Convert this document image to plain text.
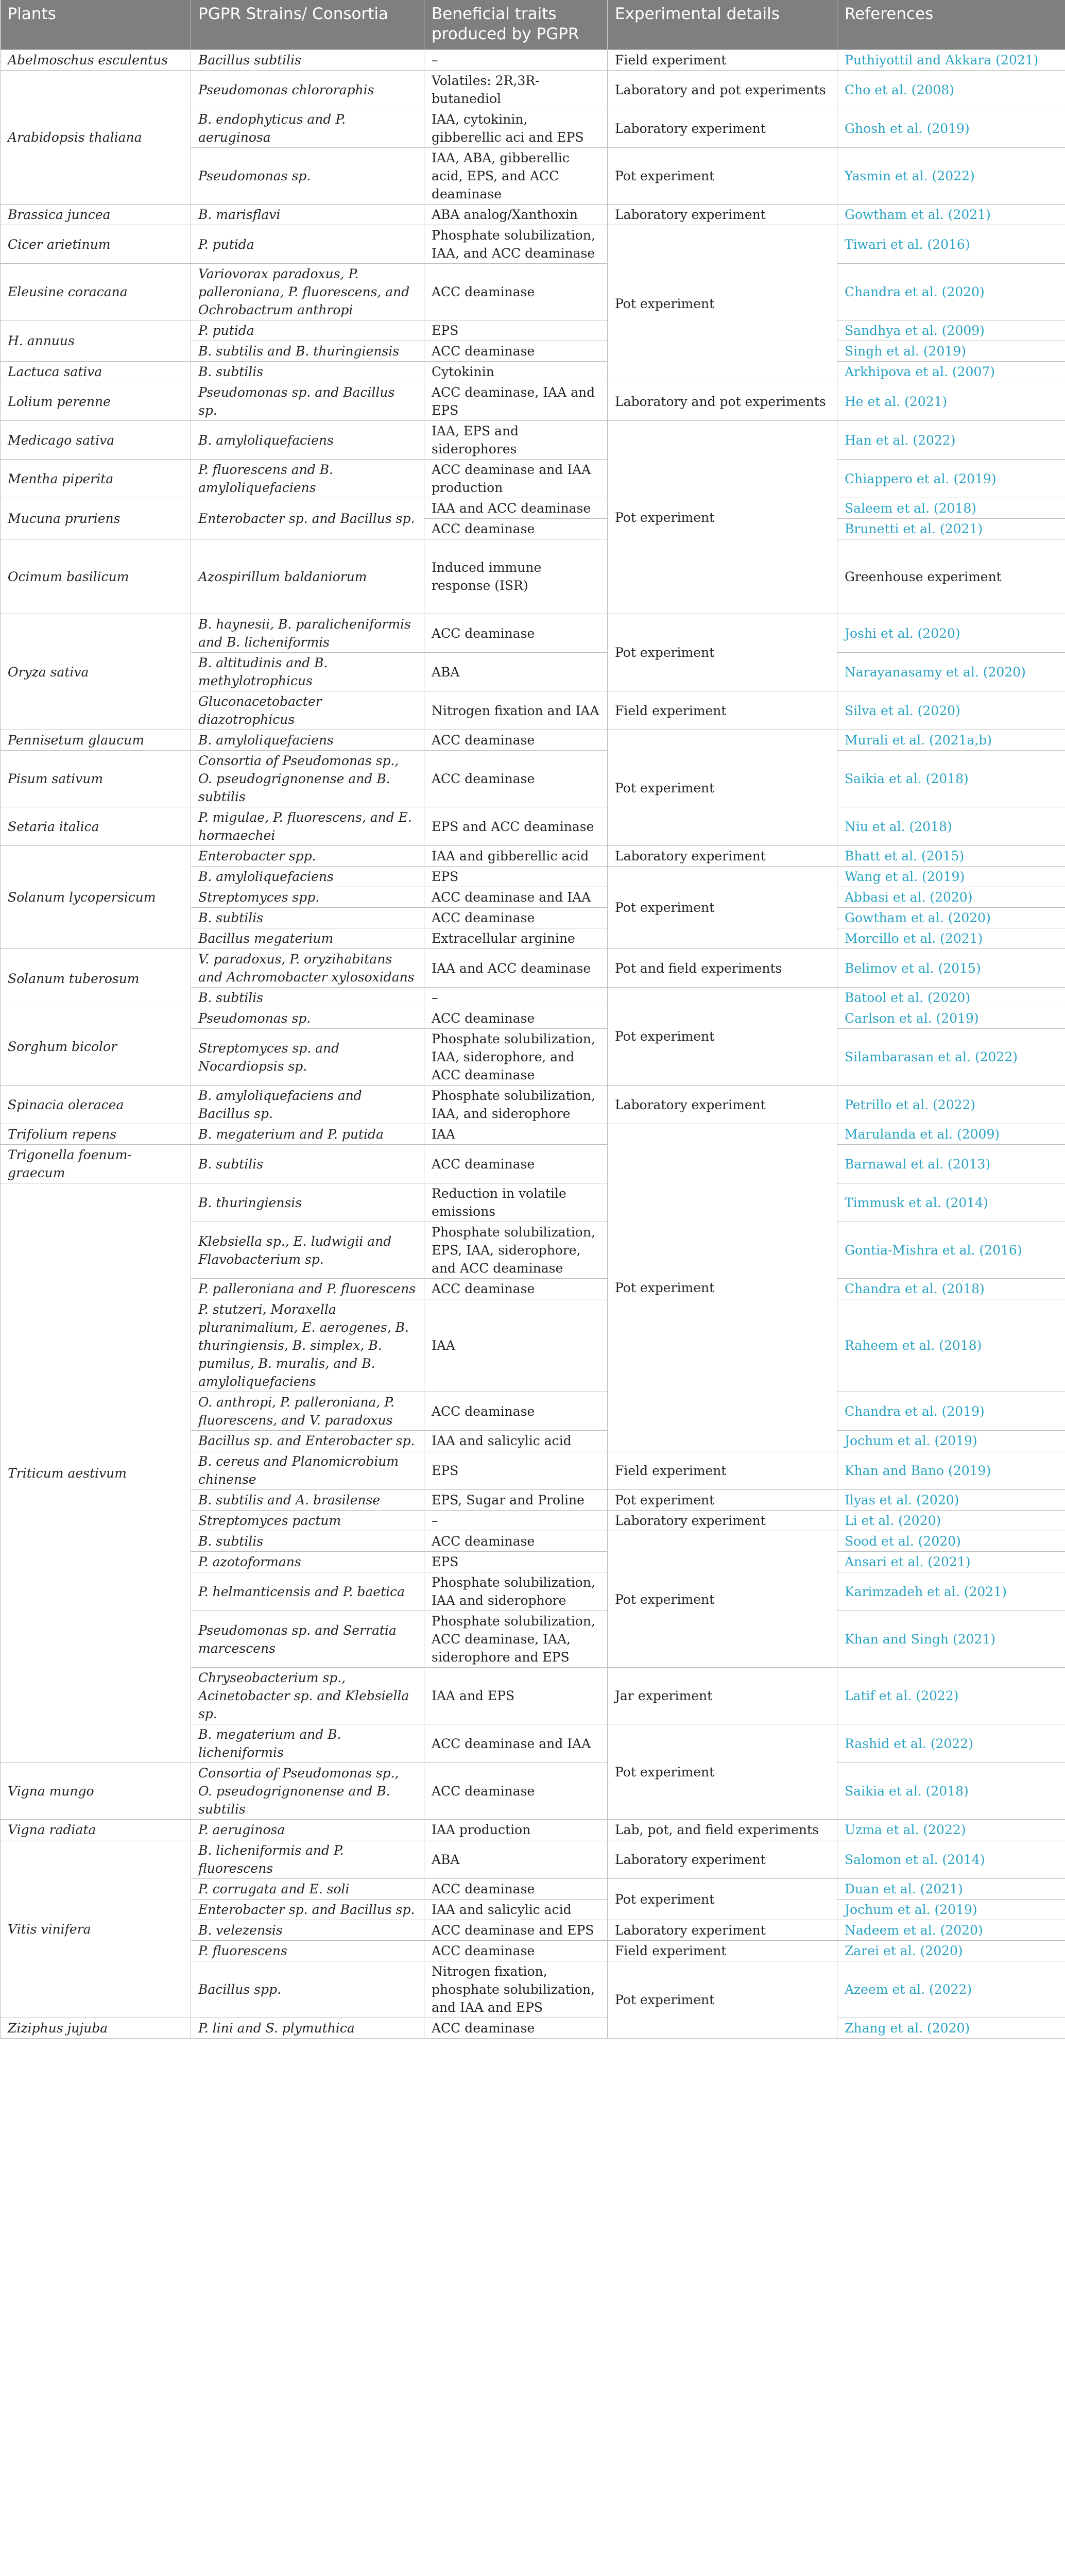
Plants	PGPR Strains/ Consortia	Beneficial traits produced by PGPR	Experimental details	References	
Abelmoschus esculentus	Bacillus subtilis	–	Field experiment	Puthiyottil and Akkara (2021)	
Arabidopsis thaliana	Pseudomonas chlororaphis	Volatiles: 2R,3R-butanediol	Laboratory and pot experiments	Cho et al. (2008)	
	B. endophyticus and P. aeruginosa	IAA, cytokinin, gibberellic aci and EPS	Laboratory experiment	Ghosh et al. (2019)	
	Pseudomonas sp.	IAA, ABA, gibberellic acid, EPS, and ACC deaminase	Pot experiment	Yasmin et al. (2022)	
Brassica juncea	B. marisflavi	ABA analog/Xanthoxin	Laboratory experiment	Gowtham et al. (2021)	
Cicer arietinum	P. putida	Phosphate solubilization, IAA, and ACC deaminase	Pot experiment	Tiwari et al. (2016)	
Eleusine coracana	Variovorax paradoxus, P. palleroniana, P. fluorescens, and Ochrobactrum anthropi	ACC deaminase		Chandra et al. (2020)	
H. annuus	P. putida	EPS		Sandhya et al. (2009)	
	B. subtilis and B. thuringiensis	ACC deaminase		Singh et al. (2019)	
Lactuca sativa	B. subtilis	Cytokinin		Arkhipova et al. (2007)	
Lolium perenne	Pseudomonas sp. and Bacillus sp.	ACC deaminase, IAA and EPS	Laboratory and pot experiments	He et al. (2021)	
Medicago sativa	B. amyloliquefaciens	IAA, EPS and siderophores	Pot experiment	Han et al. (2022)	
Mentha piperita	P. fluorescens and B. amyloliquefaciens	ACC deaminase and IAA production		Chiappero et al. (2019)	
Mucuna pruriens	Enterobacter sp. and Bacillus sp.	IAA and ACC deaminase		Saleem et al. (2018)	
		ACC deaminase		Brunetti et al. (2021)	
Ocimum basilicum	Azospirillum baldaniorum	Induced immune response (ISR)		Greenhouse experiment	
Oryza sativa	B. haynesii, B. paralicheniformis and B. licheniformis	ACC deaminase	Pot experiment	Joshi et al. (2020)	
	B. altitudinis and B. methylotrophicus	ABA		Narayanasamy et al. (2020)	
	Gluconacetobacter diazotrophicus	Nitrogen fixation and IAA	Field experiment	Silva et al. (2020)	
Pennisetum glaucum	B. amyloliquefaciens	ACC deaminase	Pot experiment	Murali et al. (2021a,b)	
Pisum sativum	Consortia of Pseudomonas sp., O. pseudogrignonense and B. subtilis	ACC deaminase		Saikia et al. (2018)	
Setaria italica	P. migulae, P. fluorescens, and E. hormaechei	EPS and ACC deaminase		Niu et al. (2018)	
Solanum lycopersicum	Enterobacter spp.	IAA and gibberellic acid	Laboratory experiment	Bhatt et al. (2015)	
	B. amyloliquefaciens	EPS	Pot experiment	Wang et al. (2019)	
	Streptomyces spp.	ACC deaminase and IAA		Abbasi et al. (2020)	
	B. subtilis	ACC deaminase		Gowtham et al. (2020)	
	Bacillus megaterium	Extracellular arginine		Morcillo et al. (2021)	
Solanum tuberosum	V. paradoxus, P. oryzihabitans and Achromobacter xylosoxidans	IAA and ACC deaminase	Pot and field experiments	Belimov et al. (2015)	
	B. subtilis	–	Pot experiment	Batool et al. (2020)	
Sorghum bicolor	Pseudomonas sp.	ACC deaminase		Carlson et al. (2019)	
	Streptomyces sp. and Nocardiopsis sp.	Phosphate solubilization, IAA, siderophore, and ACC deaminase		Silambarasan et al. (2022)	
Spinacia oleracea	B. amyloliquefaciens and Bacillus sp.	Phosphate solubilization, IAA, and siderophore	Laboratory experiment	Petrillo et al. (2022)	
Trifolium repens	B. megaterium and P. putida	IAA	Pot experiment	Marulanda et al. (2009)	
Trigonella foenum-graecum	B. subtilis	ACC deaminase		Barnawal et al. (2013)	
Triticum aestivum	B. thuringiensis	Reduction in volatile emissions		Timmusk et al. (2014)	
	Klebsiella sp., E. ludwigii and Flavobacterium sp.	Phosphate solubilization, EPS, IAA, siderophore, and ACC deaminase		Gontia-Mishra et al. (2016)	
	P. palleroniana and P. fluorescens	ACC deaminase		Chandra et al. (2018)	
	P. stutzeri, Moraxella pluranimalium, E. aerogenes, B. thuringiensis, B. simplex, B. pumilus, B. muralis, and B. amyloliquefaciens	IAA		Raheem et al. (2018)	
	O. anthropi, P. palleroniana, P. fluorescens, and V. paradoxus	ACC deaminase		Chandra et al. (2019)	
	Bacillus sp. and Enterobacter sp.	IAA and salicylic acid		Jochum et al. (2019)	
	B. cereus and Planomicrobium chinense	EPS	Field experiment	Khan and Bano (2019)	
	B. subtilis and A. brasilense	EPS, Sugar and Proline	Pot experiment	Ilyas et al. (2020)	
	Streptomyces pactum	–	Laboratory experiment	Li et al. (2020)	
	B. subtilis	ACC deaminase	Pot experiment	Sood et al. (2020)	
	P. azotoformans	EPS		Ansari et al. (2021)	
	P. helmanticensis and P. baetica	Phosphate solubilization, IAA and siderophore		Karimzadeh et al. (2021)	
	Pseudomonas sp. and Serratia marcescens	Phosphate solubilization, ACC deaminase, IAA, siderophore and EPS		Khan and Singh (2021)	
	Chryseobacterium sp., Acinetobacter sp. and Klebsiella sp.	IAA and EPS	Jar experiment	Latif et al. (2022)	
	B. megaterium and B. licheniformis	ACC deaminase and IAA	Pot experiment	Rashid et al. (2022)	
Vigna mungo	Consortia of Pseudomonas sp., O. pseudogrignonense and B. subtilis	ACC deaminase		Saikia et al. (2018)	
Vigna radiata	P. aeruginosa	IAA production	Lab, pot, and field experiments	Uzma et al. (2022)	
Vitis vinifera	B. licheniformis and P. fluorescens	ABA	Laboratory experiment	Salomon et al. (2014)	
	P. corrugata and E. soli	ACC deaminase	Pot experiment	Duan et al. (2021)	
	Enterobacter sp. and Bacillus sp.	IAA and salicylic acid		Jochum et al. (2019)	
	B. velezensis	ACC deaminase and EPS	Laboratory experiment	Nadeem et al. (2020)	
	P. fluorescens	ACC deaminase	Field experiment	Zarei et al. (2020)	
	Bacillus spp.	Nitrogen fixation, phosphate solubilization, and IAA and EPS	Pot experiment	Azeem et al. (2022)	
Ziziphus jujuba	P. lini and S. plymuthica	ACC deaminase		Zhang et al. (2020)	
